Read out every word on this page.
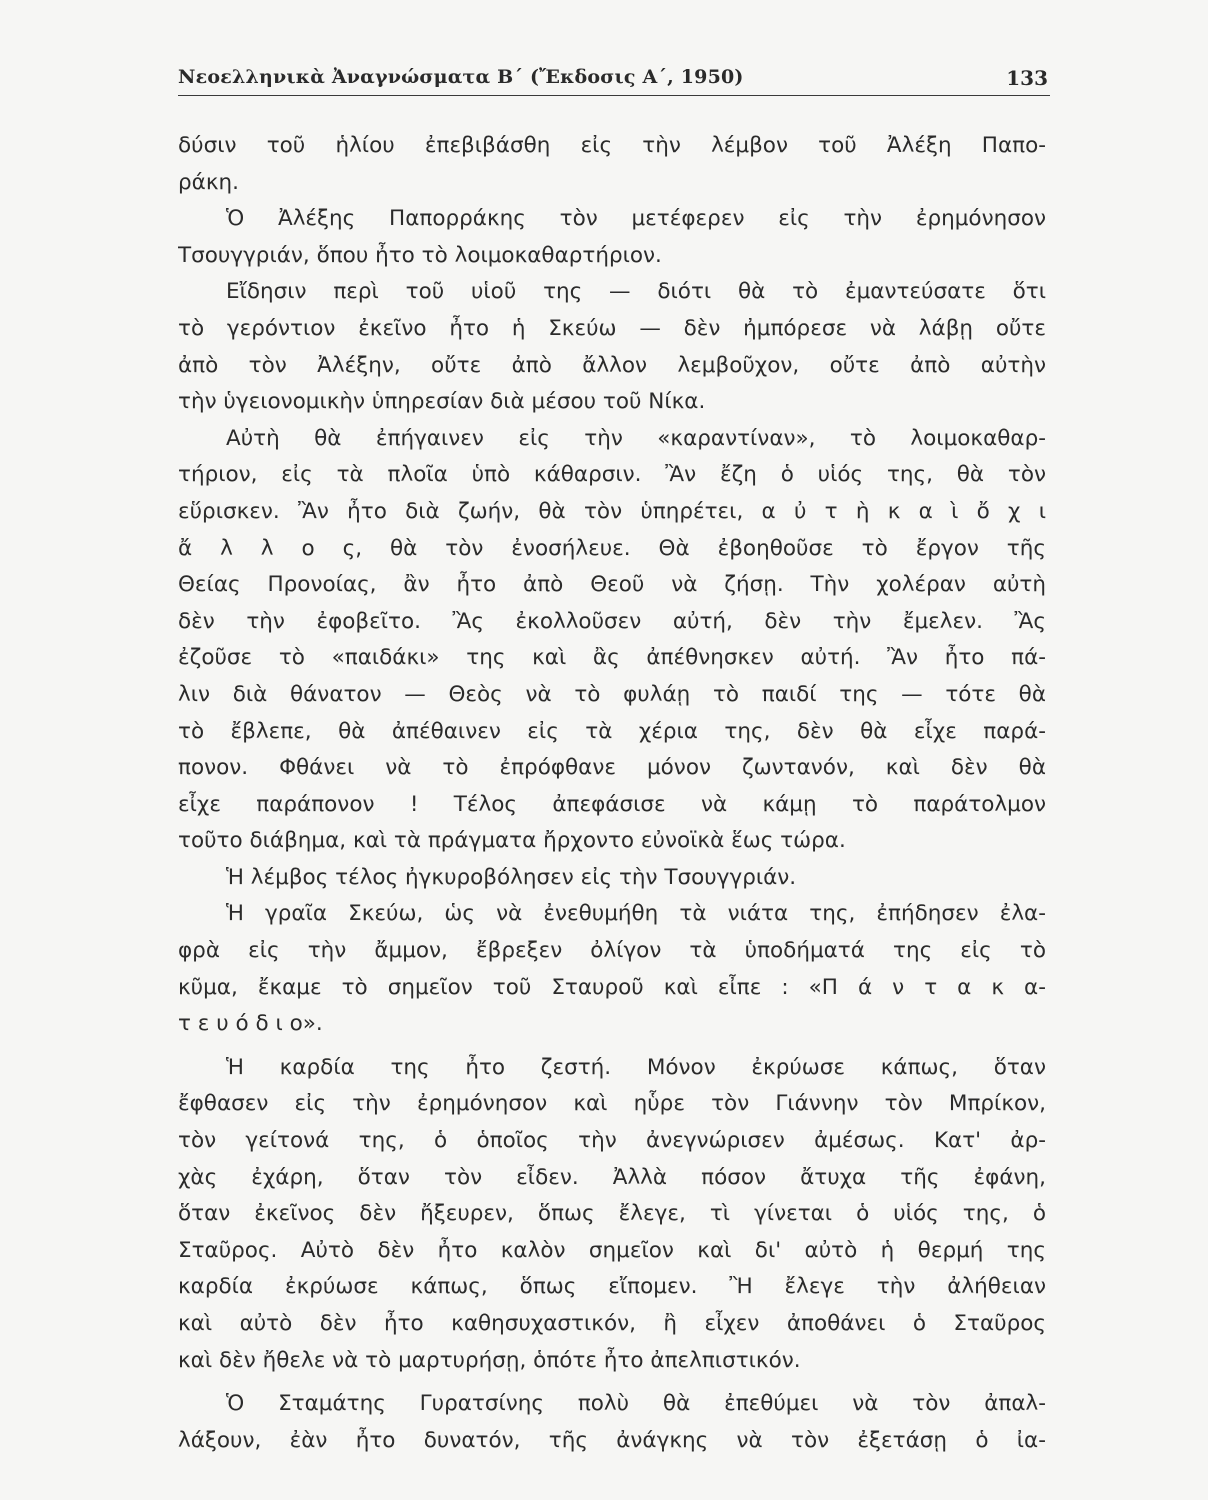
Νεοελληνικὰ Ἀναγνώσματα Β΄ (Ἔκδοσις Α΄, 1950)	133
δύσιν τοῦ ἡλίου ἐπεβιβάσθη εἰς τὴν λέμβον τοῦ Ἀλέξη Παπο-
ράκη.
Ὁ Ἀλέξης Παπορράκης τὸν μετέφερεν εἰς τὴν ἐρημόνησον
Τσουγγριάν, ὅπου ἦτο τὸ λοιμοκαθαρτήριον.
Εἴδησιν περὶ τοῦ υἱοῦ της — διότι θὰ τὸ ἐμαντεύσατε ὅτι
τὸ γερόντιον ἐκεῖνο ἦτο ἡ Σκεύω — δὲν ἠμπόρεσε νὰ λάβῃ οὔτε
ἀπὸ τὸν Ἀλέξην, οὔτε ἀπὸ ἄλλον λεμβοῦχον, οὔτε ἀπὸ αὐτὴν
τὴν ὑγειονομικὴν ὑπηρεσίαν διὰ μέσου τοῦ Νίκα.
Αὐτὴ θὰ ἐπήγαινεν εἰς τὴν «καραντίναν», τὸ λοιμοκαθαρ-
τήριον, εἰς τὰ πλοῖα ὑπὸ κάθαρσιν. Ἂν ἔζη ὁ υἱός της, θὰ τὸν
εὕρισκεν. Ἂν ἦτο διὰ ζωήν, θὰ τὸν ὑπηρέτει, α ὐ τ ὴ κ α ὶ ὄ χ ι
ἄ λ λ ο ς, θὰ τὸν ἐνοσήλευε. Θὰ ἐβοηθοῦσε τὸ ἔργον τῆς
Θείας Προνοίας, ἂν ἦτο ἀπὸ Θεοῦ νὰ ζήσῃ. Τὴν χολέραν αὐτὴ
δὲν τὴν ἐφοβεῖτο. Ἂς ἐκολλοῦσεν αὐτή, δὲν τὴν ἔμελεν. Ἂς
ἐζοῦσε τὸ «παιδάκι» της καὶ ἂς ἀπέθνησκεν αὐτή. Ἂν ἦτο πά-
λιν διὰ θάνατον — Θεὸς νὰ τὸ φυλάῃ τὸ παιδί της — τότε θὰ
τὸ ἔβλεπε, θὰ ἀπέθαινεν εἰς τὰ χέρια της, δὲν θὰ εἶχε παρά-
πονον. Φθάνει νὰ τὸ ἐπρόφθανε μόνον ζωντανόν, καὶ δὲν θὰ
εἶχε παράπονον ! Τέλος ἀπεφάσισε νὰ κάμῃ τὸ παράτολμον
τοῦτο διάβημα, καὶ τὰ πράγματα ἤρχοντο εὐνοϊκὰ ἕως τώρα.
Ἡ λέμβος τέλος ἠγκυροβόλησεν εἰς τὴν Τσουγγριάν.
Ἡ γραῖα Σκεύω, ὡς νὰ ἐνεθυμήθη τὰ νιάτα της, ἐπήδησεν ἐλα-
φρὰ εἰς τὴν ἄμμον, ἔβρεξεν ὀλίγον τὰ ὑποδήματά της εἰς τὸ
κῦμα, ἔκαμε τὸ σημεῖον τοῦ Σταυροῦ καὶ εἶπε : «Π ά ν τ α κ α-
τ ε υ ό δ ι ο».
Ἡ καρδία της ἦτο ζεστή. Μόνον ἐκρύωσε κάπως, ὅταν
ἔφθασεν εἰς τὴν ἐρημόνησον καὶ ηὗρε τὸν Γιάννην τὸν Μπρίκον,
τὸν γείτονά της, ὁ ὁποῖος τὴν ἀνεγνώρισεν ἀμέσως. Κατ' ἀρ-
χὰς ἐχάρη, ὅταν τὸν εἶδεν. Ἀλλὰ πόσον ἄτυχα τῆς ἐφάνη,
ὅταν ἐκεῖνος δὲν ἤξευρεν, ὅπως ἔλεγε, τὶ γίνεται ὁ υἱός της, ὁ
Σταῦρος. Αὐτὸ δὲν ἦτο καλὸν σημεῖον καὶ δι' αὐτὸ ἡ θερμή της
καρδία ἐκρύωσε κάπως, ὅπως εἴπομεν. Ἢ ἔλεγε τὴν ἀλήθειαν
καὶ αὐτὸ δὲν ἦτο καθησυχαστικόν, ἢ εἶχεν ἀποθάνει ὁ Σταῦρος
καὶ δὲν ἤθελε νὰ τὸ μαρτυρήσῃ, ὁπότε ἦτο ἀπελπιστικόν.
Ὁ Σταμάτης Γυρατσίνης πολὺ θὰ ἐπεθύμει νὰ τὸν ἀπαλ-
λάξουν, ἐὰν ἦτο δυνατόν, τῆς ἀνάγκης νὰ τὸν ἐξετάσῃ ὁ ἰα-
